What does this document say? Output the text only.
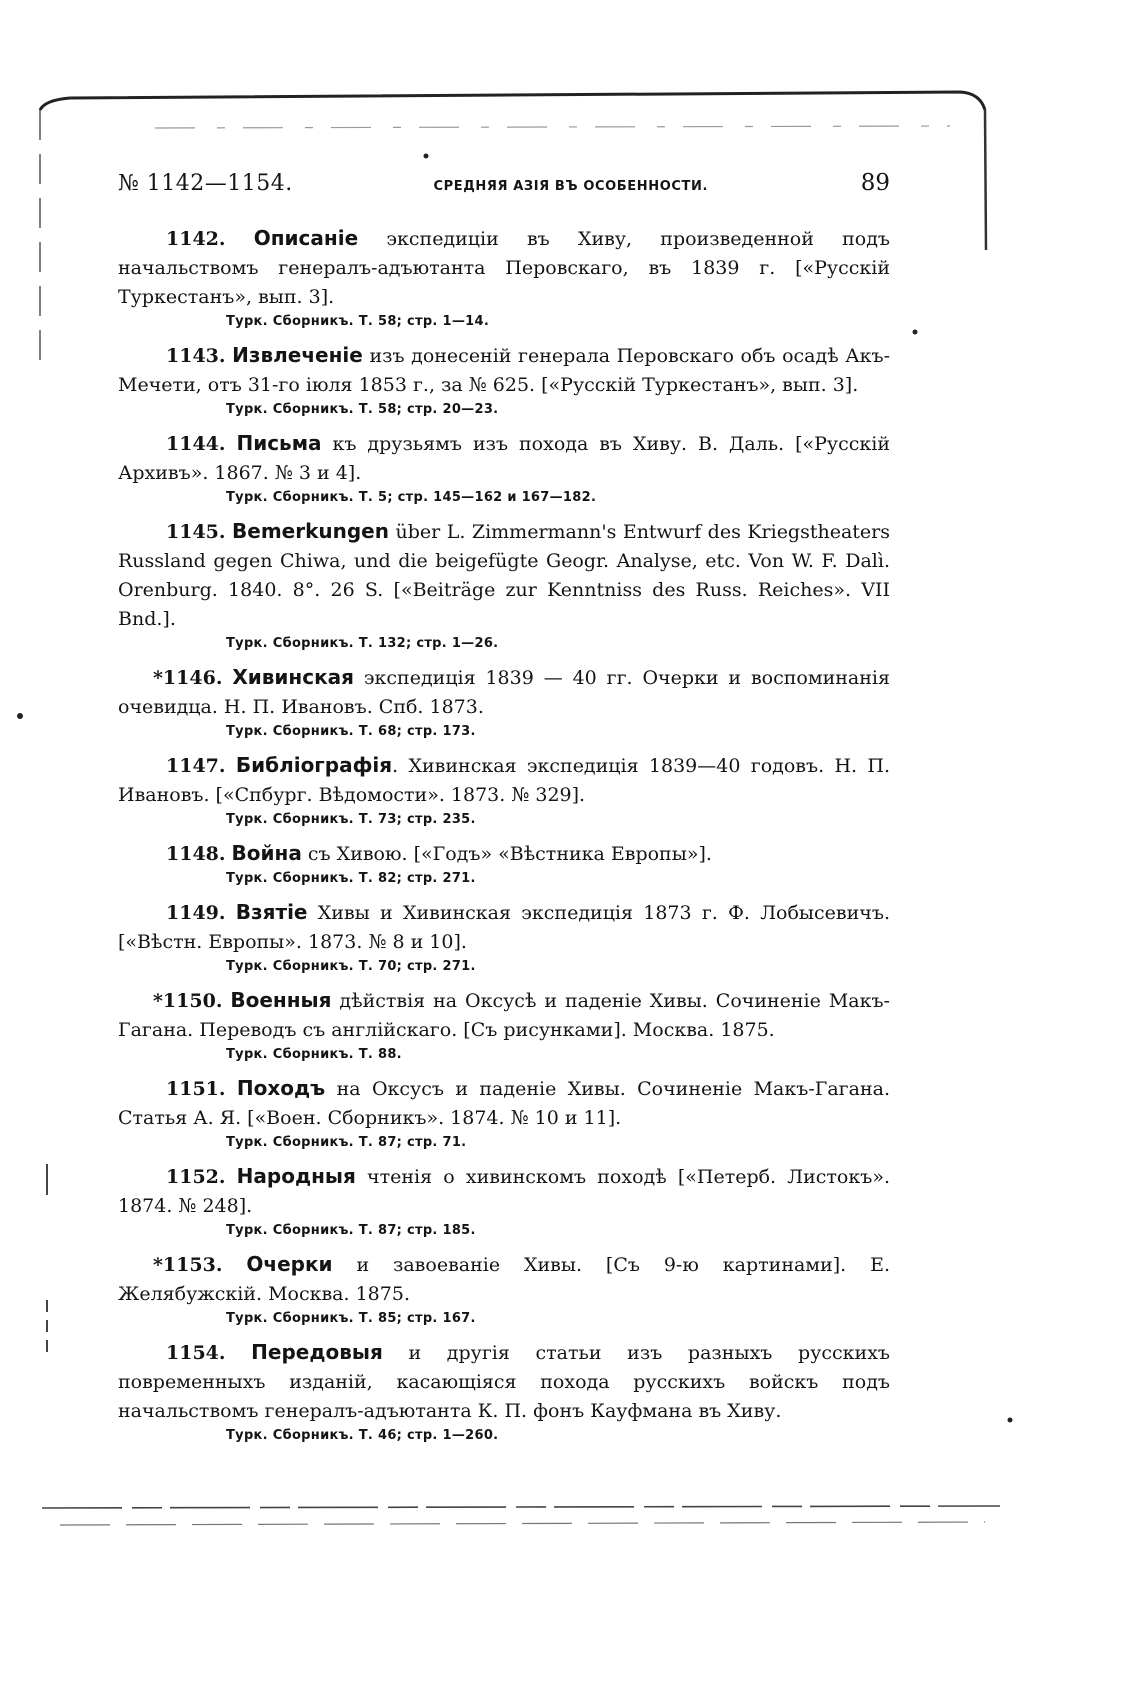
№ 1142—1154.	СРЕДНЯЯ АЗІЯ ВЪ ОСОБЕННОСТИ.	89

1142. Описаніе экспедиціи въ Хиву, произведенной подъ начальствомъ генералъ-адъютанта Перовскаго, въ 1839 г. [«Русскій Туркестанъ», вып. 3].

Турк. Сборникъ. Т. 58; стр. 1—14.

1143. Извлеченіе изъ донесеній генерала Перовскаго объ осадѣ Акъ-Мечети, отъ 31-го іюля 1853 г., за № 625. [«Русскій Туркестанъ», вып. 3].

Турк. Сборникъ. Т. 58; стр. 20—23.

1144. Письма къ друзьямъ изъ похода въ Хиву. В. Даль. [«Русскій Архивъ». 1867. № 3 и 4].

Турк. Сборникъ. Т. 5; стр. 145—162 и 167—182.

1145. Bemerkungen über L. Zimmermann's Entwurf des Kriegstheaters Russland gegen Chiwa, und die beigefügte Geogr. Analyse, etc. Von W. F. Dalì. Orenburg. 1840. 8°. 26 S. [«Beiträge zur Kenntniss des Russ. Reiches». VII Bnd.].

Турк. Сборникъ. Т. 132; стр. 1—26.

*1146. Хивинская экспедиція 1839 — 40 гг. Очерки и воспоминанія очевидца. Н. П. Ивановъ. Спб. 1873.

Турк. Сборникъ. Т. 68; стр. 173.

1147. Библіографія. Хивинская экспедиція 1839—40 годовъ. Н. П. Ивановъ. [«Спбург. Вѣдомости». 1873. № 329].

Турк. Сборникъ. Т. 73; стр. 235.

1148. Война съ Хивою. [«Годъ» «Вѣстника Европы»].

Турк. Сборникъ. Т. 82; стр. 271.

1149. Взятіе Хивы и Хивинская экспедиція 1873 г. Ф. Лобысевичъ. [«Вѣстн. Европы». 1873. № 8 и 10].

Турк. Сборникъ. Т. 70; стр. 271.

*1150. Военныя дѣйствія на Оксусѣ и паденіе Хивы. Сочиненіе Макъ-Гагана. Переводъ съ англійскаго. [Съ рисунками]. Москва. 1875.

Турк. Сборникъ. Т. 88.

1151. Походъ на Оксусъ и паденіе Хивы. Сочиненіе Макъ-Гагана. Статья А. Я. [«Воен. Сборникъ». 1874. № 10 и 11].

Турк. Сборникъ. Т. 87; стр. 71.

1152. Народныя чтенія о хивинскомъ походѣ [«Петерб. Листокъ». 1874. № 248].

Турк. Сборникъ. Т. 87; стр. 185.

*1153. Очерки и завоеваніе Хивы. [Съ 9-ю картинами]. Е. Желябужскій. Москва. 1875.

Турк. Сборникъ. Т. 85; стр. 167.

1154. Передовыя и другія статьи изъ разныхъ русскихъ повременныхъ изданій, касающіяся похода русскихъ войскъ подъ начальствомъ генералъ-адъютанта К. П. фонъ Кауфмана въ Хиву.

Турк. Сборникъ. Т. 46; стр. 1—260.
